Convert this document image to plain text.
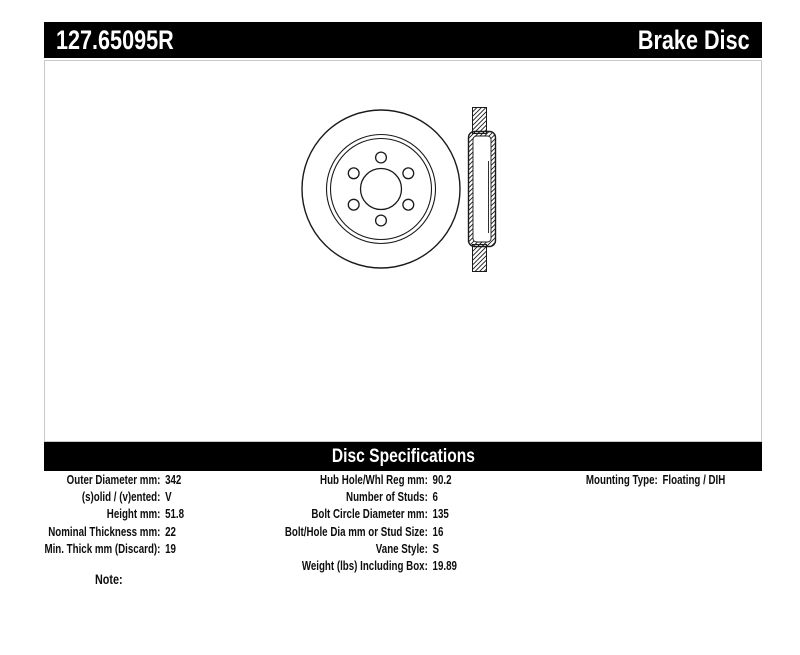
127.65095R	Brake Disc
Disc Specifications
Outer Diameter mm: 342
(s)olid / (v)ented: V
Height mm: 51.8
Nominal Thickness mm: 22
Min. Thick mm (Discard): 19
Hub Hole/Whl Reg mm: 90.2
Number of Studs: 6
Bolt Circle Diameter mm: 135
Bolt/Hole Dia mm or Stud Size: 16
Vane Style: S
Weight (lbs) Including Box: 19.89
Mounting Type: Floating / DIH
Note:
